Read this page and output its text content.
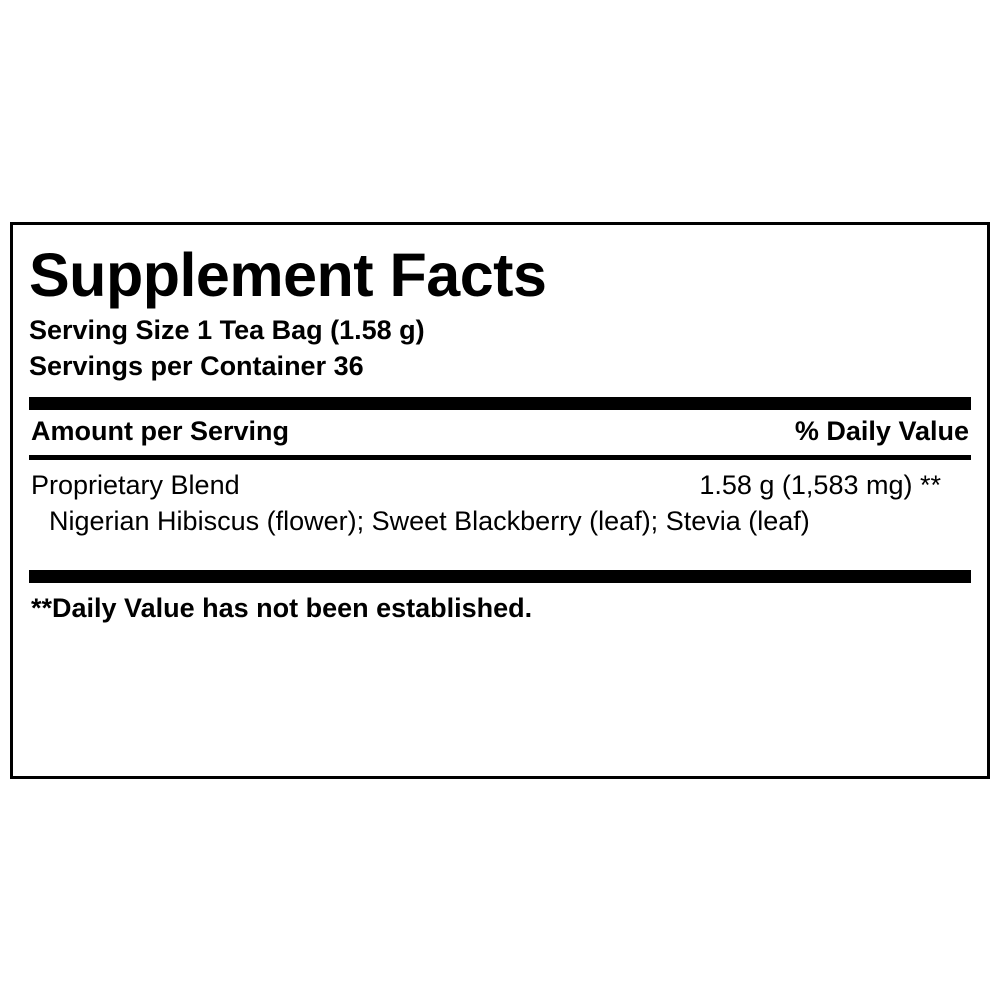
Supplement Facts
Serving Size 1 Tea Bag (1.58 g)
Servings per Container 36
Amount per Serving	% Daily Value
Proprietary Blend	1.58 g (1,583 mg) **
Nigerian Hibiscus (flower); Sweet Blackberry (leaf); Stevia (leaf)
**Daily Value has not been established.
